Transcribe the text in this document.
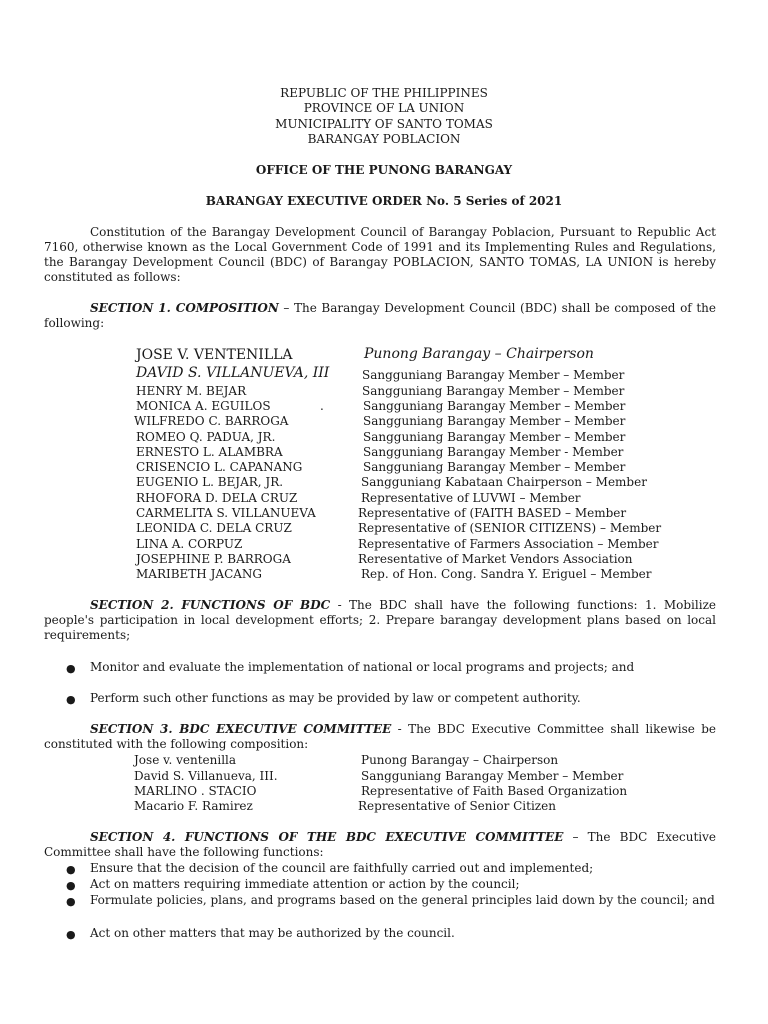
REPUBLIC OF THE PHILIPPINES
PROVINCE OF LA UNION
MUNICIPALITY OF SANTO TOMAS
BARANGAY POBLACION
OFFICE OF THE PUNONG BARANGAY
BARANGAY EXECUTIVE ORDER No. 5 Series of 2021
Constitution of the Barangay Development Council of Barangay Poblacion, Pursuant to Republic Act 7160, otherwise known as the Local Government Code of 1991 and its Implementing Rules and Regulations, the Barangay Development Council (BDC) of Barangay POBLACION, SANTO TOMAS, LA UNION is hereby constituted as follows:
SECTION 1. COMPOSITION – The Barangay Development Council (BDC) shall be composed of the following:
JOSE V. VENTENILLA	Punong Barangay – Chairperson
DAVID S. VILLANUEVA, III	Sangguniang Barangay Member – Member
HENRY M. BEJAR	Sangguniang Barangay Member – Member
MONICA A. EGUILOS	.	Sangguniang Barangay Member – Member
WILFREDO C. BARROGA	Sangguniang Barangay Member – Member
ROMEO Q. PADUA, JR.	Sangguniang Barangay Member – Member
ERNESTO L. ALAMBRA	Sangguniang Barangay Member - Member
CRISENCIO L. CAPANANG	Sangguniang Barangay Member – Member
EUGENIO L. BEJAR, JR.	Sangguniang Kabataan Chairperson – Member
RHOFORA D. DELA CRUZ	Representative of LUVWI – Member
CARMELITA S. VILLANUEVA	Representative of (FAITH BASED – Member
LEONIDA C. DELA CRUZ	Representative of (SENIOR CITIZENS) – Member
LINA A. CORPUZ	Representative of Farmers Association – Member
JOSEPHINE P. BARROGA	Reresentative of Market Vendors Association
MARIBETH JACANG	Rep. of Hon. Cong. Sandra Y. Eriguel – Member
SECTION 2. FUNCTIONS OF BDC - The BDC shall have the following functions: 1. Mobilize people's participation in local development efforts; 2. Prepare barangay development plans based on local requirements;
● Monitor and evaluate the implementation of national or local programs and projects; and
● Perform such other functions as may be provided by law or competent authority.
SECTION 3. BDC EXECUTIVE COMMITTEE - The BDC Executive Committee shall likewise be constituted with the following composition:
Jose v. ventenilla	Punong Barangay – Chairperson
David S. Villanueva, III.	Sangguniang Barangay Member – Member
MARLINO . STACIO	Representative of Faith Based Organization
Macario F. Ramirez	Representative of Senior Citizen
SECTION 4. FUNCTIONS OF THE BDC EXECUTIVE COMMITTEE – The BDC Executive Committee shall have the following functions:
● Ensure that the decision of the council are faithfully carried out and implemented;
● Act on matters requiring immediate attention or action by the council;
● Formulate policies, plans, and programs based on the general principles laid down by the council; and
● Act on other matters that may be authorized by the council.
